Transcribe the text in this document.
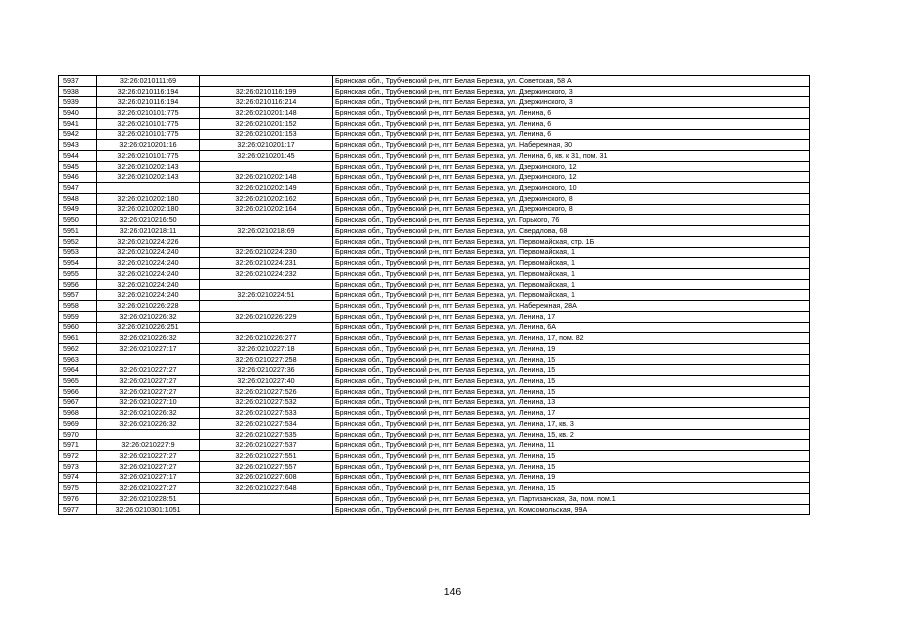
5937	32:26:0210111:69		Брянская обл., Трубчевский р-н, пгт Белая Березка, ул. Советская, 58 А
5938	32:26:0210116:194	32:26:0210116:199	Брянская обл., Трубчевский р-н, пгт Белая Березка, ул. Дзержинского, 3
5939	32:26:0210116:194	32:26:0210116:214	Брянская обл., Трубчевский р-н, пгт Белая Березка, ул. Дзержинского, 3
5940	32:26:0210101:775	32:26:0210201:148	Брянская обл., Трубчевский р-н, пгт Белая Березка, ул. Ленина, 6
5941	32:26:0210101:775	32:26:0210201:152	Брянская обл., Трубчевский р-н, пгт Белая Березка, ул. Ленина, 6
5942	32:26:0210101:775	32:26:0210201:153	Брянская обл., Трубчевский р-н, пгт Белая Березка, ул. Ленина, 6
5943	32:26:0210201:16	32:26:0210201:17	Брянская обл., Трубчевский р-н, пгт Белая Березка, ул. Набережная, 30
5944	32:26:0210101:775	32:26:0210201:45	Брянская обл., Трубчевский р-н, пгт Белая Березка, ул. Ленина, 6, кв. к 31, пом. 31
5945	32:26:0210202:143		Брянская обл., Трубчевский р-н, пгт Белая Березка, ул. Дзержинского, 12
5946	32:26:0210202:143	32:26:0210202:148	Брянская обл., Трубчевский р-н, пгт Белая Березка, ул. Дзержинского, 12
5947		32:26:0210202:149	Брянская обл., Трубчевский р-н, пгт Белая Березка, ул. Дзержинского, 10
5948	32:26:0210202:180	32:26:0210202:162	Брянская обл., Трубчевский р-н, пгт Белая Березка, ул. Дзержинского, 8
5949	32:26:0210202:180	32:26:0210202:164	Брянская обл., Трубчевский р-н, пгт Белая Березка, ул. Дзержинского, 8
5950	32:26:0210216:50		Брянская обл., Трубчевский р-н, пгт Белая Березка, ул. Горького, 76
5951	32:26:0210218:11	32:26:0210218:69	Брянская обл., Трубчевский р-н, пгт Белая Березка, ул. Свердлова, 68
5952	32:26:0210224:226		Брянская обл., Трубчевский р-н, пгт Белая Березка, ул. Первомайская, стр. 1Б
5953	32:26:0210224:240	32:26:0210224:230	Брянская обл., Трубчевский р-н, пгт Белая Березка, ул. Первомайская, 1
5954	32:26:0210224:240	32:26:0210224:231	Брянская обл., Трубчевский р-н, пгт Белая Березка, ул. Первомайская, 1
5955	32:26:0210224:240	32:26:0210224:232	Брянская обл., Трубчевский р-н, пгт Белая Березка, ул. Первомайская, 1
5956	32:26:0210224:240		Брянская обл., Трубчевский р-н, пгт Белая Березка, ул. Первомайская, 1
5957	32:26:0210224:240	32:26:0210224:51	Брянская обл., Трубчевский р-н, пгт Белая Березка, ул. Первомайская, 1
5958	32:26:0210226:228		Брянская обл., Трубчевский р-н, пгт Белая Березка, ул. Набережная, 28А
5959	32:26:0210226:32	32:26:0210226:229	Брянская обл., Трубчевский р-н, пгт Белая Березка, ул. Ленина, 17
5960	32:26:0210226:251		Брянская обл., Трубчевский р-н, пгт Белая Березка, ул. Ленина, 6А
5961	32:26:0210226:32	32:26:0210226:277	Брянская обл., Трубчевский р-н, пгт Белая Березка, ул. Ленина, 17, пом. 82
5962	32:26:0210227:17	32:26:0210227:18	Брянская обл., Трубчевский р-н, пгт Белая Березка, ул. Ленина, 19
5963		32:26:0210227:258	Брянская обл., Трубчевский р-н, пгт Белая Березка, ул. Ленина, 15
5964	32:26:0210227:27	32:26:0210227:36	Брянская обл., Трубчевский р-н, пгт Белая Березка, ул. Ленина, 15
5965	32:26:0210227:27	32:26:0210227:40	Брянская обл., Трубчевский р-н, пгт Белая Березка, ул. Ленина, 15
5966	32:26:0210227:27	32:26:0210227:526	Брянская обл., Трубчевский р-н, пгт Белая Березка, ул. Ленина, 15
5967	32:26:0210227:10	32:26:0210227:532	Брянская обл., Трубчевский р-н, пгт Белая Березка, ул. Ленина, 13
5968	32:26:0210226:32	32:26:0210227:533	Брянская обл., Трубчевский р-н, пгт Белая Березка, ул. Ленина, 17
5969	32:26:0210226:32	32:26:0210227:534	Брянская обл., Трубчевский р-н, пгт Белая Березка, ул. Ленина, 17, кв. 3
5970		32:26:0210227:535	Брянская обл., Трубчевский р-н, пгт Белая Березка, ул. Ленина, 15, кв. 2
5971	32:26:0210227:9	32:26:0210227:537	Брянская обл., Трубчевский р-н, пгт Белая Березка, ул. Ленина, 11
5972	32:26:0210227:27	32:26:0210227:551	Брянская обл., Трубчевский р-н, пгт Белая Березка, ул. Ленина, 15
5973	32:26:0210227:27	32:26:0210227:557	Брянская обл., Трубчевский р-н, пгт Белая Березка, ул. Ленина, 15
5974	32:26:0210227:17	32:26:0210227:608	Брянская обл., Трубчевский р-н, пгт Белая Березка, ул. Ленина, 19
5975	32:26:0210227:27	32:26:0210227:648	Брянская обл., Трубчевский р-н, пгт Белая Березка, ул. Ленина, 15
5976	32:26:0210228:51		Брянская обл., Трубчевский р-н, пгт Белая Березка, ул. Партизанская, 3а, пом. пом.1
5977	32:26:0210301:1051		Брянская обл., Трубчевский р-н, пгт Белая Березка, ул. Комсомольская, 99А
146
